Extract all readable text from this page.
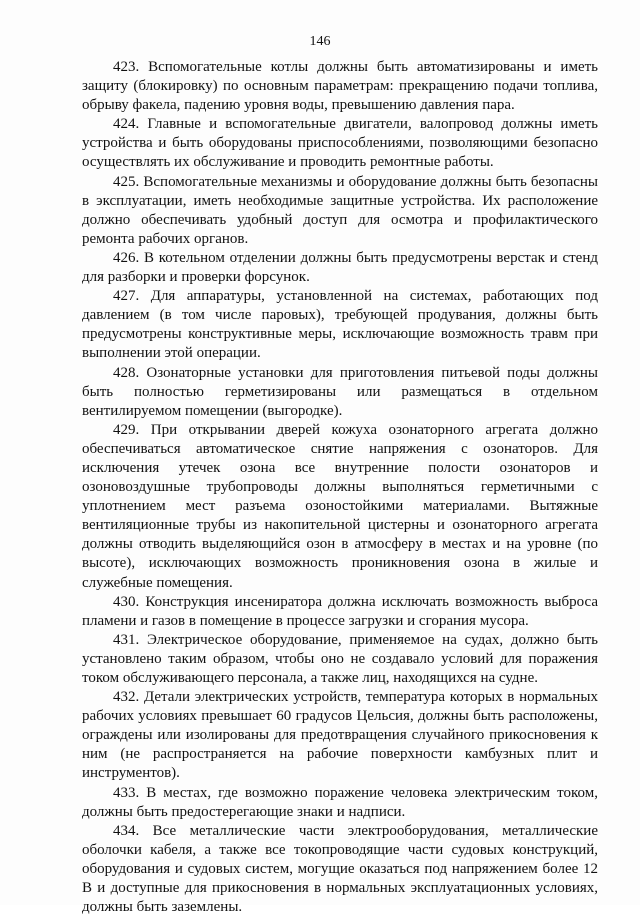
146

423. Вспомогательные котлы должны быть автоматизированы и иметь защиту (блокировку) по основным параметрам: прекращению подачи топлива, обрыву факела, падению уровня воды, превышению давления пара.

424. Главные и вспомогательные двигатели, валопровод должны иметь устройства и быть оборудованы приспособлениями, позволяющими безопасно осуществлять их обслуживание и проводить ремонтные работы.

425. Вспомогательные механизмы и оборудование должны быть безопасны в эксплуатации, иметь необходимые защитные устройства. Их расположение должно обеспечивать удобный доступ для осмотра и профилактического ремонта рабочих органов.

426. В котельном отделении должны быть предусмотрены верстак и стенд для разборки и проверки форсунок.

427. Для аппаратуры, установленной на системах, работающих под давлением (в том числе паровых), требующей продувания, должны быть предусмотрены конструктивные меры, исключающие возможность травм при выполнении этой операции.

428. Озонаторные установки для приготовления питьевой поды должны быть полностью герметизированы или размещаться в отдельном вентилируемом помещении (выгородке).

429. При открывании дверей кожуха озонаторного агрегата должно обеспечиваться автоматическое снятие напряжения с озонаторов. Для исключения утечек озона все внутренние полости озонаторов и озоновоздушные трубопроводы должны выполняться герметичными с уплотнением мест разъема озоностойкими материалами. Вытяжные вентиляционные трубы из накопительной цистерны и озонаторного агрегата должны отводить выделяющийся озон в атмосферу в местах и на уровне (по высоте), исключающих возможность проникновения озона в жилые и служебные помещения.

430. Конструкция инсениратора должна исключать возможность выброса пламени и газов в помещение в процессе загрузки и сгорания мусора.

431. Электрическое оборудование, применяемое на судах, должно быть установлено таким образом, чтобы оно не создавало условий для поражения током обслуживающего персонала, а также лиц, находящихся на судне.

432. Детали электрических устройств, температура которых в нормальных рабочих условиях превышает 60 градусов Цельсия, должны быть расположены, ограждены или изолированы для предотвращения случайного прикосновения к ним (не распространяется на рабочие поверхности камбузных плит и инструментов).

433. В местах, где возможно поражение человека электрическим током, должны быть предостерегающие знаки и надписи.

434. Все металлические части электрооборудования, металлические оболочки кабеля, а также все токопроводящие части судовых конструкций, оборудования и судовых систем, могущие оказаться под напряжением более 12 В и доступные для прикосновения в нормальных эксплуатационных условиях, должны быть заземлены.
